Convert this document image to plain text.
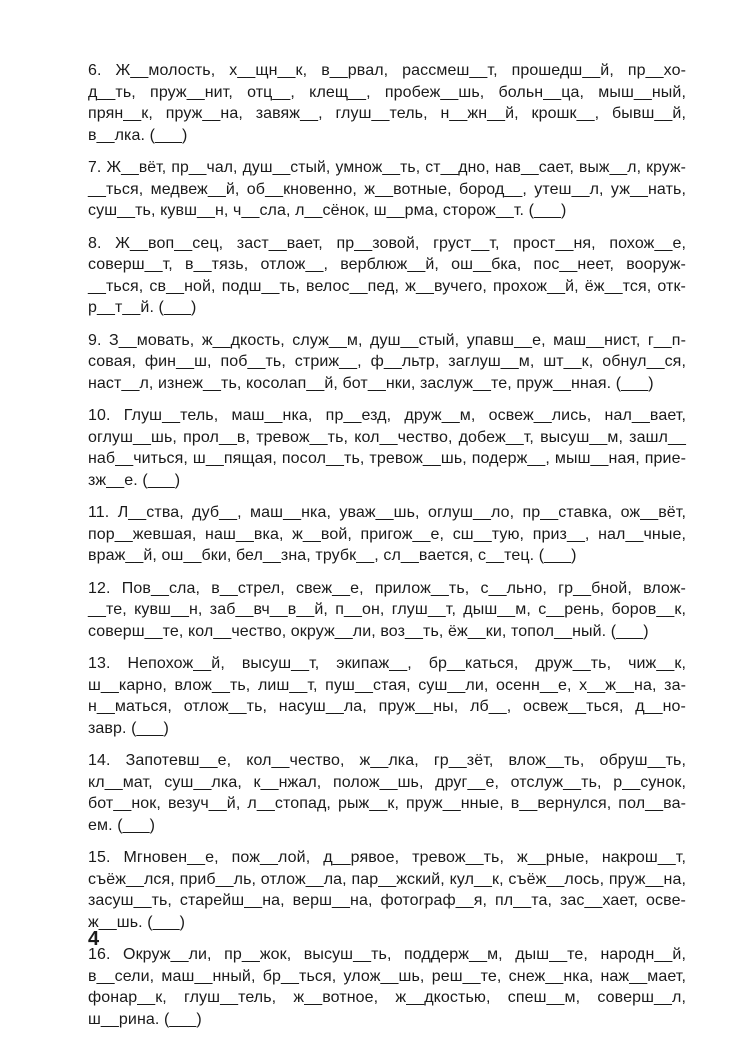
6. Ж__молость, х__щн__к, в__рвал, рассмеш__т, прошедш__й, пр__хо-
д__ть, пруж__нит, отц__, клещ__, пробеж__шь, больн__ца, мыш__ный,
прян__к, пруж__на, завяж__, глуш__тель, н__жн__й, крошк__, бывш__й,
в__лка. (___)
7. Ж__вёт, пр__чал, душ__стый, умнож__ть, ст__дно, нав__сает, выж__л, круж-
__ться, медвеж__й, об__кновенно, ж__вотные, бород__, утеш__л, уж__нать,
суш__ть, кувш__н, ч__сла, л__сёнок, ш__рма, сторож__т. (___)
8. Ж__воп__сец, заст__вает, пр__зовой, груст__т, прост__ня, похож__е,
соверш__т, в__тязь, отлож__, верблюж__й, ош__бка, пос__неет, вооруж-
__ться, св__ной, подш__ть, велос__пед, ж__вучего, прохож__й, ёж__тся, отк-
р__т__й. (___)
9. З__мовать, ж__дкость, служ__м, душ__стый, упавш__е, маш__нист, г__п-
совая, фин__ш, поб__ть, стриж__, ф__льтр, заглуш__м, шт__к, обнул__ся,
наст__л, изнеж__ть, косолап__й, бот__нки, заслуж__те, пруж__нная. (___)
10. Глуш__тель, маш__нка, пр__езд, друж__м, освеж__лись, нал__вает,
оглуш__шь, прол__в, тревож__ть, кол__чество, добеж__т, высуш__м, зашл__
наб__читься, ш__пящая, посол__ть, тревож__шь, подерж__, мыш__ная, прие-
зж__е. (___)
11. Л__ства, дуб__, маш__нка, уваж__шь, оглуш__ло, пр__ставка, ож__вёт,
пор__жевшая, наш__вка, ж__вой, пригож__е, сш__тую, приз__, нал__чные,
враж__й, ош__бки, бел__зна, трубк__, сл__вается, с__тец. (___)
12. Пов__сла, в__стрел, свеж__е, прилож__ть, с__льно, гр__бной, влож-
__те, кувш__н, заб__вч__в__й, п__он, глуш__т, дыш__м, с__рень, боров__к,
соверш__те, кол__чество, окруж__ли, воз__ть, ёж__ки, топол__ный. (___)
13. Непохож__й, высуш__т, экипаж__, бр__каться, друж__ть, чиж__к,
ш__карно, влож__ть, лиш__т, пуш__стая, суш__ли, осенн__е, х__ж__на, за-
н__маться, отлож__ть, насуш__ла, пруж__ны, лб__, освеж__ться, д__но-
завр. (___)
14. Запотевш__е, кол__чество, ж__лка, гр__зёт, влож__ть, обруш__ть,
кл__мат, суш__лка, к__нжал, полож__шь, друг__е, отслуж__ть, р__сунок,
бот__нок, везуч__й, л__стопад, рыж__к, пруж__нные, в__вернулся, пол__ва-
ем. (___)
15. Мгновен__е, пож__лой, д__рявое, тревож__ть, ж__рные, накрош__т,
съёж__лся, приб__ль, отлож__ла, пар__жский, кул__к, съёж__лось, пруж__на,
засуш__ть, старейш__на, верш__на, фотограф__я, пл__та, зас__хает, осве-
ж__шь. (___)
16. Окруж__ли, пр__жок, высуш__ть, поддерж__м, дыш__те, народн__й,
в__сели, маш__нный, бр__ться, улож__шь, реш__те, снеж__нка, наж__мает,
фонар__к, глуш__тель, ж__вотное, ж__дкостью, спеш__м, соверш__л,
ш__рина. (___)
4
